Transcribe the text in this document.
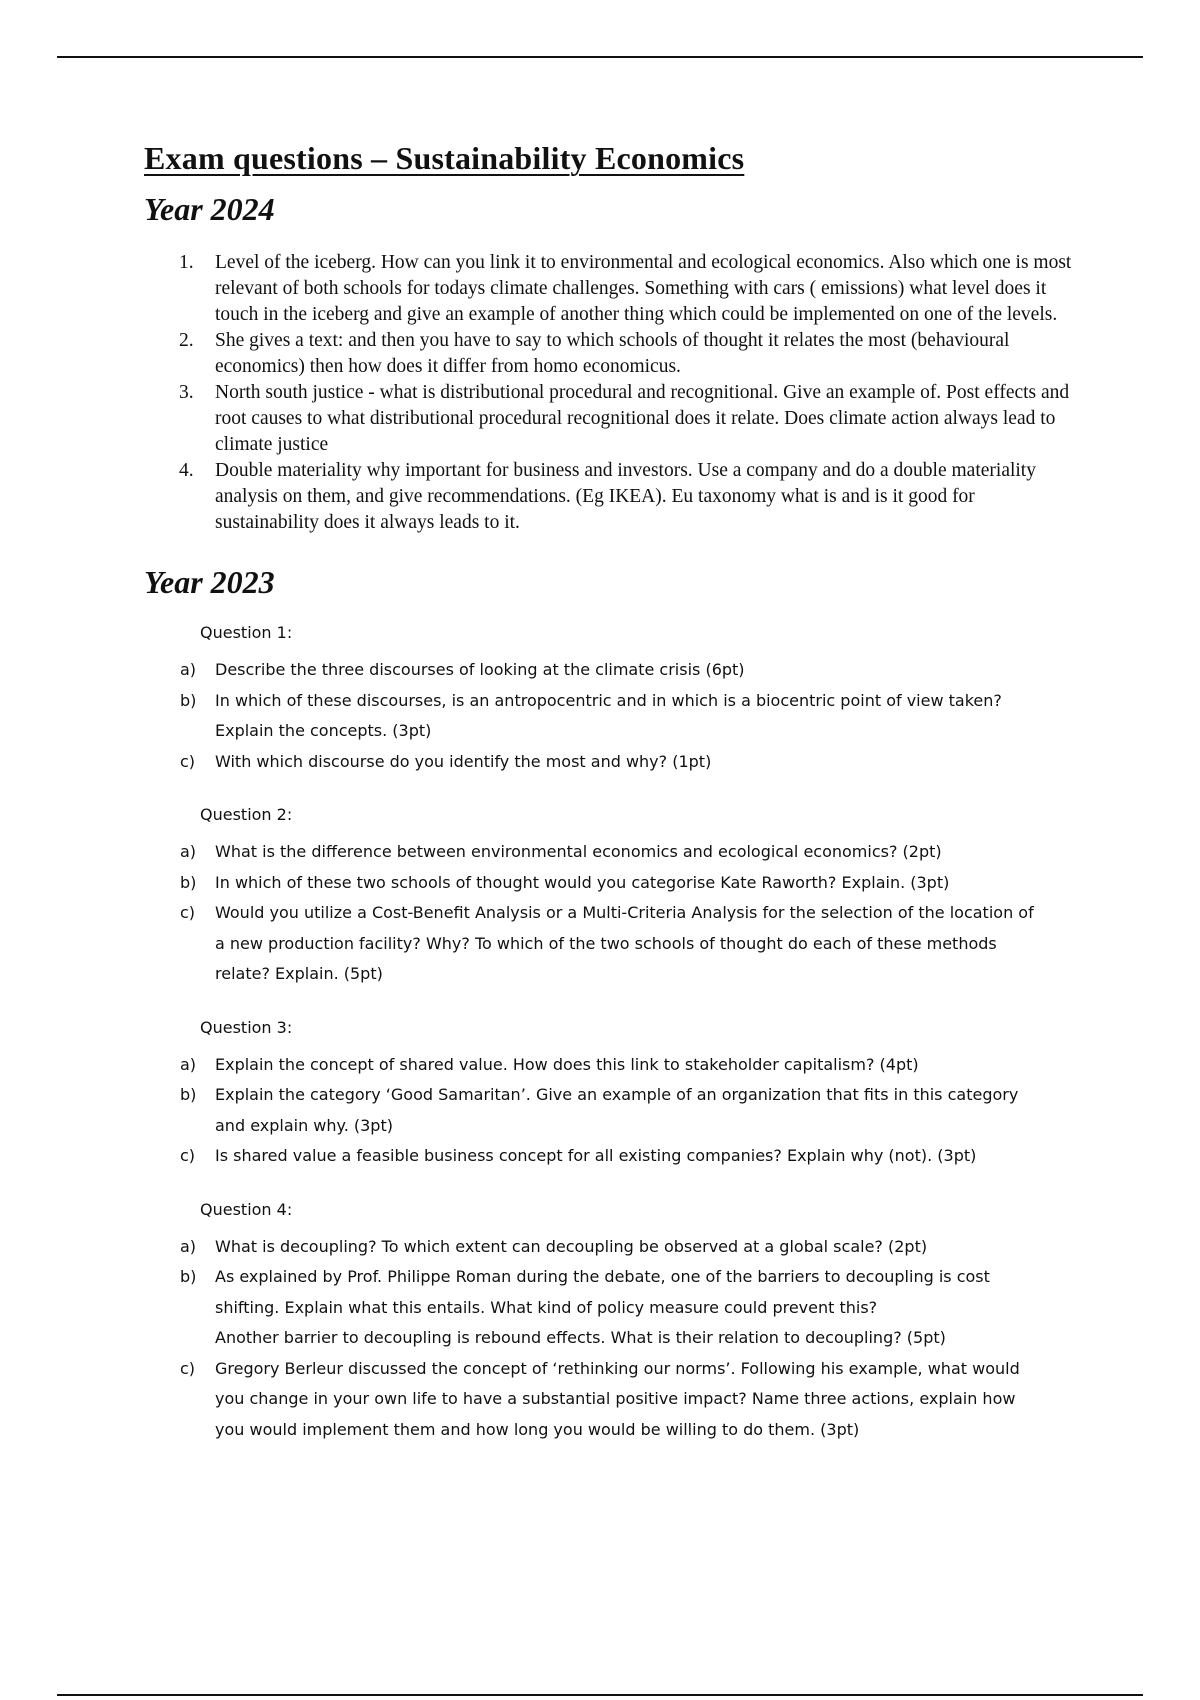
Exam questions – Sustainability Economics
Year 2024
1. Level of the iceberg. How can you link it to environmental and ecological economics. Also which one is most relevant of both schools for todays climate challenges. Something with cars ( emissions) what level does it touch in the iceberg and give an example of another thing which could be implemented on one of the levels.
2. She gives a text: and then you have to say to which schools of thought it relates the most (behavioural economics) then how does it differ from homo economicus.
3. North south justice - what is distributional procedural and recognitional. Give an example of. Post effects and root causes to what distributional procedural recognitional does it relate. Does climate action always lead to climate justice
4. Double materiality why important for business and investors. Use a company and do a double materiality analysis on them, and give recommendations. (Eg IKEA). Eu taxonomy what is and is it good for sustainability does it always leads to it.
Year 2023
Question 1:
a) Describe the three discourses of looking at the climate crisis (6pt)
b) In which of these discourses, is an antropocentric and in which is a biocentric point of view taken?
Explain the concepts. (3pt)
c) With which discourse do you identify the most and why? (1pt)
Question 2:
a) What is the difference between environmental economics and ecological economics? (2pt)
b) In which of these two schools of thought would you categorise Kate Raworth? Explain. (3pt)
c) Would you utilize a Cost-Benefit Analysis or a Multi-Criteria Analysis for the selection of the location of
a new production facility? Why? To which of the two schools of thought do each of these methods
relate? Explain. (5pt)
Question 3:
a) Explain the concept of shared value. How does this link to stakeholder capitalism? (4pt)
b) Explain the category ‘Good Samaritan’. Give an example of an organization that fits in this category
and explain why. (3pt)
c) Is shared value a feasible business concept for all existing companies? Explain why (not). (3pt)
Question 4:
a) What is decoupling? To which extent can decoupling be observed at a global scale? (2pt)
b) As explained by Prof. Philippe Roman during the debate, one of the barriers to decoupling is cost
shifting. Explain what this entails. What kind of policy measure could prevent this?
Another barrier to decoupling is rebound effects. What is their relation to decoupling? (5pt)
c) Gregory Berleur discussed the concept of ‘rethinking our norms’. Following his example, what would
you change in your own life to have a substantial positive impact? Name three actions, explain how
you would implement them and how long you would be willing to do them. (3pt)
